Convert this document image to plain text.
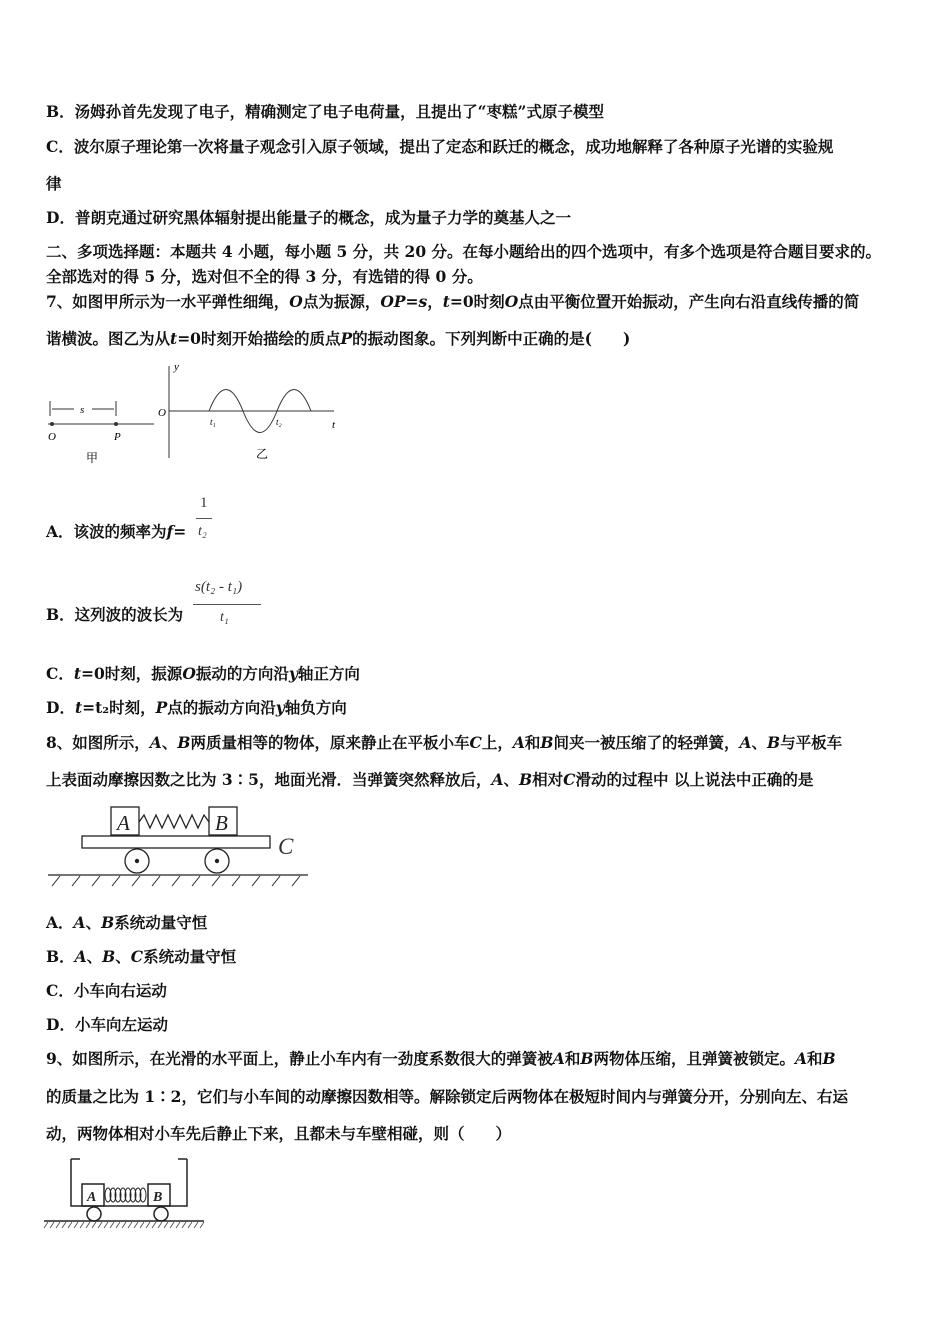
B．汤姆孙首先发现了电子，精确测定了电子电荷量，且提出了“枣糕”式原子模型
C．波尔原子理论第一次将量子观念引入原子领域，提出了定态和跃迁的概念，成功地解释了各种原子光谱的实验规
律
D．普朗克通过研究黑体辐射提出能量子的概念，成为量子力学的奠基人之一
二、多项选择题：本题共 4 小题，每小题 5 分，共 20 分。在每小题给出的四个选项中，有多个选项是符合题目要求的。
全部选对的得 5 分，选对但不全的得 3 分，有选错的得 0 分。
7、如图甲所示为一水平弹性细绳，O点为振源，OP=s，t=0时刻O点由平衡位置开始振动，产生向右沿直线传播的简
谐横波。图乙为从t=0时刻开始描绘的质点P的振动图象。下列判断中正确的是(　　)
s
O	P
甲
y
O
t
t₁	t₂
乙
A．该波的频率为f=
1
t₂
B．这列波的波长为
s(t₂ - t₁)
t₁
C．t=0时刻，振源O振动的方向沿y轴正方向
D．t=t₂时刻，P点的振动方向沿y轴负方向
8、如图所示，A、B两质量相等的物体，原来静止在平板小车C上，A和B间夹一被压缩了的轻弹簧，A、B与平板车
上表面动摩擦因数之比为 3∶5，地面光滑．当弹簧突然释放后，A、B相对C滑动的过程中 以上说法中正确的是
A	B
C
A．A、B系统动量守恒
B．A、B、C系统动量守恒
C．小车向右运动
D．小车向左运动
9、如图所示，在光滑的水平面上，静止小车内有一劲度系数很大的弹簧被A和B两物体压缩，且弹簧被锁定。A和B
的质量之比为 1∶2，它们与小车间的动摩擦因数相等。解除锁定后两物体在极短时间内与弹簧分开，分别向左、右运
动，两物体相对小车先后静止下来，且都未与车壁相碰，则（　　）
A	B
